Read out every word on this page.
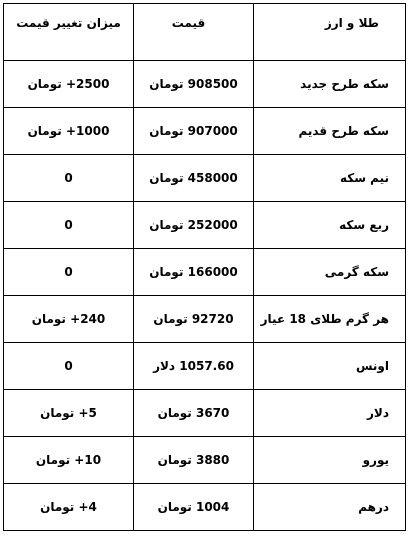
طلا و ارز	قیمت	میزان تغییر قیمت
سکه طرح جدید	908500 تومان	2500+ تومان
سکه طرح قدیم	907000 تومان	1000+ تومان
نیم سکه	458000 تومان	0
ربع سکه	252000 تومان	0
سکه گرمی	166000 تومان	0
هر گرم طلای 18 عیار	92720 تومان	240+ تومان
اونس	1057.60 دلار	0
دلار	3670 تومان	5+ تومان
یورو	3880 تومان	10+ تومان
درهم	1004 تومان	4+ تومان
